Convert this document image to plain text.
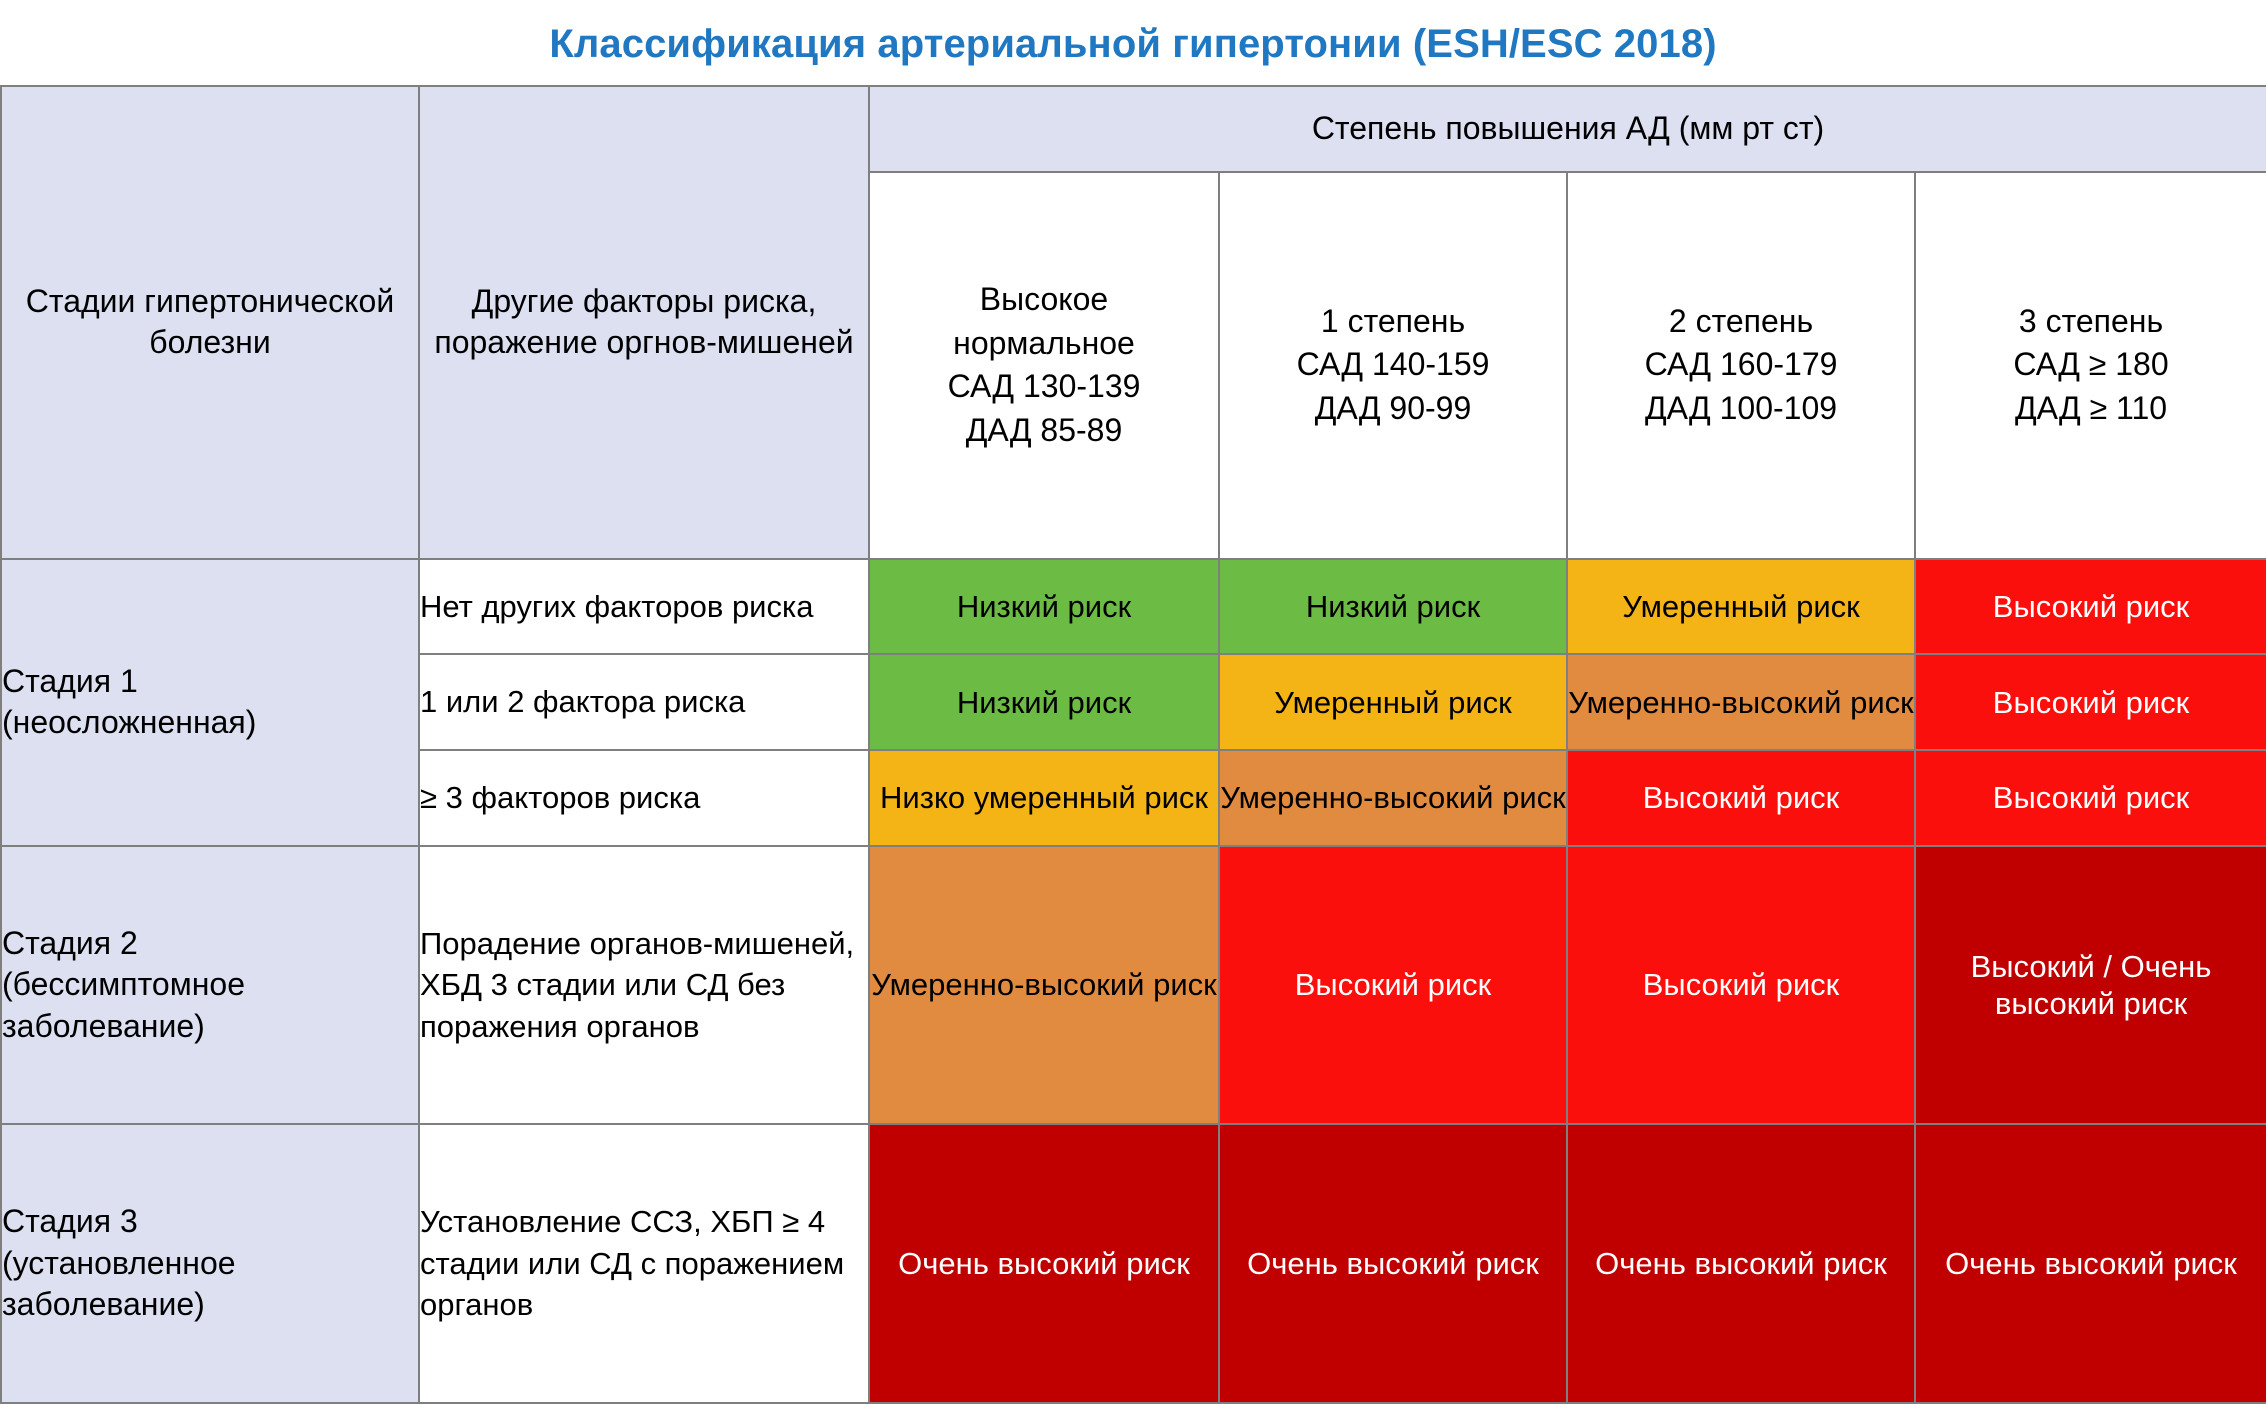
Классификация артериальной гипертонии (ESH/ESC 2018)
Стадии гипертонической болезни	Другие факторы риска, поражение оргнов-мишеней	Степень повышения АД (мм рт ст)			

		Высокое
нормальное
САД 130-139
ДАД 85-89	1 степень
САД 140-159
ДАД 90-99	2 степень
САД 160-179
ДАД 100-109	3 степень
САД ≥ 180
ДАД ≥ 110

Стадия 1
(неосложненная)	Нет других факторов риска	Низкий риск	Низкий риск	Умеренный риск	Высокий риск
	1 или 2 фактора риска	Низкий риск	Умеренный риск	Умеренно-высокий риск	Высокий риск
	≥ 3 факторов риска	Низко умеренный риск	Умеренно-высокий риск	Высокий риск	Высокий риск

Стадия 2
(бессимптомное
заболевание)	Порадение органов-мишеней, ХБД 3 стадии или СД без поражения органов	Умеренно-высокий риск	Высокий риск	Высокий риск	Высокий / Очень высокий риск

Стадия 3
(установленное
заболевание)	Установление ССЗ, ХБП ≥ 4 стадии или СД с поражением органов	Очень высокий риск	Очень высокий риск	Очень высокий риск	Очень высокий риск
